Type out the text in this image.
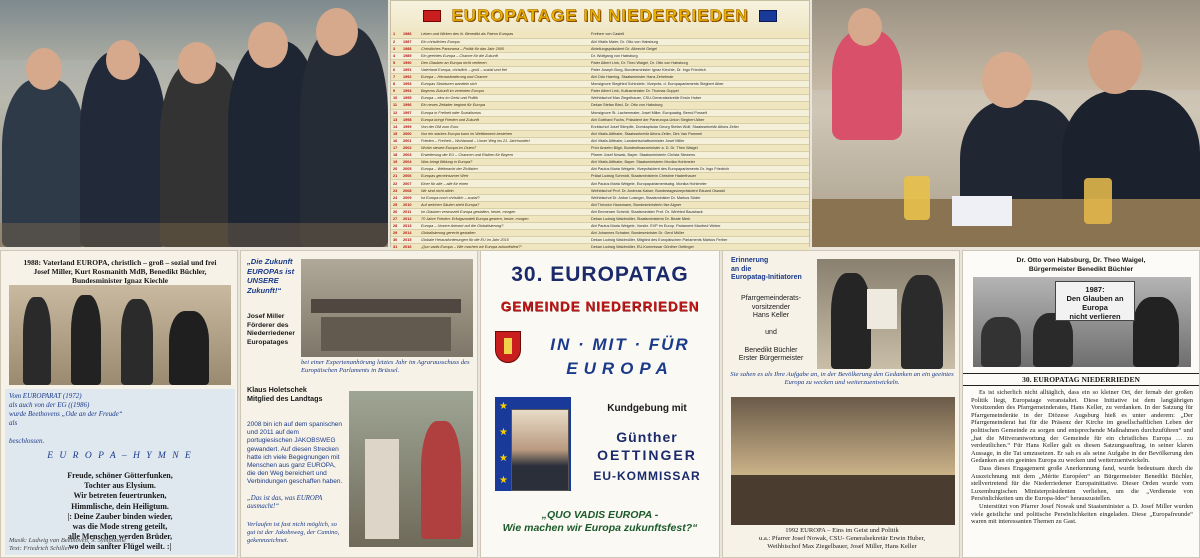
EUROPATAGE IN NIEDERRIEDEN
1	1986	Leben und Wirken des hl. Benedikt als Patron Europas	Freiherr von Castell
2	1987	Ein christliches Europa	Abt Vitalis Maier, Dr. Otto von Habsburg
3	1988	Christliches Panorama – Politik für das Jahr 2000	Abteilungspräsident Dr. Albrecht Geigel
4	1989	Ein geeintes Europa – Chance für die Zukunft	Dr. Wolfgang von Habsburg
5	1990	Den Glauben an Europa nicht verlieren	Pater Albert Link, Dr. Theo Waigel, Dr. Otto von Habsburg
6	1991	Vaterland Europa, christlich – groß – sozial und frei	Pater Joseph Burg, Bundesminister Ignaz Kiechle, Dr. Ingo Friedrich
7	1992	Europa – Herausforderung und Chance	Abt Odo Haering, Staatsminister Hans Zehetmair
8	1993	Europas Strukturen wandeln sich	Monsignore Siegfried Schindele, Vizepräs. d. Europaparlaments Siegbert Alber
9	1994	Bayerns Zukunft im vereinten Europa	Pater Albert Link, Kultusminister Dr. Thomas Goppel
10	1995	Europa – eins im Geist und Politik	Weihbischof Max Ziegelbauer, CSU-Generalsekretär Erwin Huber
11	1996	Ein neues Zeitalter beginnt für Europa	Dekan Stefan Bied, Dr. Otto von Habsburg
12	1997	Europa in Freiheit oder Sozialismus	Monsignore St. Lachenmaier, Josef Miller, Europaabg. Bernd Posselt
13	1998	Europa bringt Frieden und Zukunft	Abt Gotthard Fuchs, Präsident der Paneuropa-Union Siegbert Alber
14	1999	Von der DM zum Euro	Erzbischof Josef Stimpfle, Domkapitular Georg Stefan Wolf, Staatssekretär Alfons Zeller
15	2000	Nur ein starkes Europa kann im Wettbewerb bestehen	Abt Vitalis Altthaler, Staatssekretär Alfons Zeller, Dirk Van Pammel
16	2001	Frieden – Freiheit – Wohlstand – Unser Weg ins 21. Jahrhundert	Abt Vitalis Altthaler, Landwirtschaftsminister Josef Miller
17	2002	Wohin steuert Europa im Osten?	Prior Anselm Bilgri, Bundesfinanzminister a. D. Dr. Theo Waigel
18	2003	Erweiterung der EU – Chancen und Risiken für Bayern	Pfarrer Josef Nowak, Bayer. Staatsministerin Christa Stewens
19	2004	Was bringt Bildung in Europa?	Abt Vitalis Altthaler, Bayer. Staatsministerin Monika Hohlmeier
20	2005	Europa – Weltmacht der Zivilisten	Abt Paulus Maria Weigele, Vizepräsident des Europaparlaments Dr. Ingo Friedrich
21	2006	Europas gemeinsamer Wert	Prälat Ludwig Schmidt, Staatsministerin Christine Haderthauer
22	2007	Einer für alle – alle für einen	Abt Paulus Maria Weigele, Europaparlamentsabg. Monika Hohlmeier
23	2008	Wir sind nicht allein	Weihbischof Prof. Dr. Andreas Kaiser, Bundestagsvizepräsident Eduard Oswald
24	2009	Ist Europa noch christlich – sozial?	Weihbischof Dr. Anton Losinger, Staatsminister Dr. Markus Söder
25	2010	Auf welchen Säulen steht Europa?	Abt Theodor Hausmann, Bundesministerin Ilse Aigner
26	2011	Im Glauben verwurzelt Europa gestalten, heute, morgen	Abt Emmeram Scheidl, Staatsminister Prof. Dr. Winfried Bausback
27	2012	70 Jahre Frieden: Erfolgsmodell Europa gestern, heute, morgen	Dekan Ludwig Waldmüller, Staatsministerin Dr. Beate Merk
28	2013	Europa – Unsere Antwort auf die Globalisierung?	Abt Paulus Maria Weigele, Vorsitz. EVP im Europ. Parlament Manfred Weber
29	2014	Globalisierung gerecht gestalten	Abt Johannes Schaber, Bundesminister Dr. Gerd Müller
30	2015	Globale Herausforderungen für die EU im Jahr 2015	Dekan Ludwig Waldmüller, Mitglied des Europäischen Parlaments Markus Ferber
31	2016	„Quo vadis Europa – Wie machen wir Europa zukunftsfest?“	Dekan Ludwig Waldmüller, EU-Kommissar Günther Oettinger
1988: Vaterland EUROPA, christlich – groß – sozial und frei
Josef Miller, Kurt Rosmanith MdB, Benedikt Büchler,
Bundesminister Ignaz Kiechle
Vom EUROPARAT (1972)
als auch von der EG ((1986)
wurde Beethovens „Ode an der Freude“
als

beschlossen.
E U R O P A – H Y M N E
Freude, schöner Götterfunken,
Tochter aus Elysium.
Wir betreten feuertrunken,
Himmlische, dein Heiligtum.
|: Deine Zauber binden wieder,
was die Mode streng geteilt,
alle Menschen werden Brüder,
wo dein sanfter Flügel weilt. :|
Musik: Ludwig van Beethoven, 9. Symphonie
Text: Friedrich Schiller
„Die Zukunft EUROPAs ist UNSERE Zukunft!“
Josef Miller
Förderer des Niederriedener Europatages
bei einer Expertenanhörung letztes Jahr im Agrarausschuss des Europäischen Parlaments in Brüssel.
Klaus Holetschek
Mitglied des Landtags
2008 bin ich auf dem spanischen und 2011 auf dem portugiesischen JAKOBSWEG gewandert. Auf diesen Strecken hatte ich viele Begegnungen mit Menschen aus ganz EUROPA, die den Weg bereichert und Verbindungen geschaffen haben.
„Das ist das, was EUROPA ausmacht!“
Verlaufen ist fast nicht möglich, so gut ist der Jakobsweg, der Camino, gekennzeichnet.
30. EUROPATAG
GEMEINDE NIEDERRIEDEN
IN · MIT · FÜR
EUROPA
★
★
★
★
Kundgebung mit
Günther
OETTINGER
EU-KOMMISSAR
„QUO VADIS EUROPA -
Wie machen wir Europa zukunftsfest?“
Erinnerung
an die
Europatag-Initiatoren
Pfarrgemeinderats-
vorsitzender
Hans Keller

und

Benedikt Büchler
Erster Bürgermeister
Sie sahen es als Ihre Aufgabe an, in der Bevölkerung den Gedanken an ein geeintes Europa zu wecken und weiterzuentwickeln.
1992 EUROPA – Eins im Geist und Politik
u.a.: Pfarrer Josef Nowak, CSU- Generalsekretär Erwin Huber,
Weihbischof Max Ziegelbauer, Josef Miller, Hans Keller
Dr. Otto von Habsburg, Dr. Theo Waigel,
Bürgermeister Benedikt Büchler
1987:
Den Glauben an Europa
nicht verlieren
30. EUROPATAG NIEDERRIEDEN

Es ist sicherlich nicht alltäglich, dass ein so kleiner Ort, der fernab der großen Politik liegt, Europatage veranstaltet. Diese Initiative ist dem langjährigen Vorsitzenden des Pfarrgemeinderates, Hans Keller, zu verdanken. In der Satzung für Pfarrgemeinderäte in der Diözese Augsburg hieß es unter anderem: „Der Pfarrgemeinderat hat für die Präsenz der Kirche im gesellschaftlichen Leben der politischen Gemeinde zu sorgen und entsprechende Maßnahmen durchzuführen“ und „hat die Mitverantwortung der Gemeinde für ein christliches Europa … zu verdeutlichen.“ Für Hans Keller galt es diesen Satzungsauftrag, in seiner klaren Aussage, in die Tat umzusetzen. Er sah es als seine Aufgabe in der Bevölkerung den Gedanken an ein geeintes Europa zu wecken und weiterzuentwickeln.

Dass dieses Engagement große Anerkennung fand, wurde bedeutsam durch die Auszeichnung mit dem „Mérite Européen“ an Bürgermeister Benedikt Büchler, stellvertretend für die Niederriedener Europainitiative. Dieser Orden wurde vom Luxemburgischen Ministerpräsidenten verliehen, um die „Verdienste von Persönlichkeiten um die Europa-Idee“ herauszustellen.

Unterstützt von Pfarrer Josef Nowak und Staatsminister a. D. Josef Miller wurden viele geistliche und politische Persönlichkeiten eingeladen. Diese „Europafreunde“ waren mit interessanten Themen zu Gast.
